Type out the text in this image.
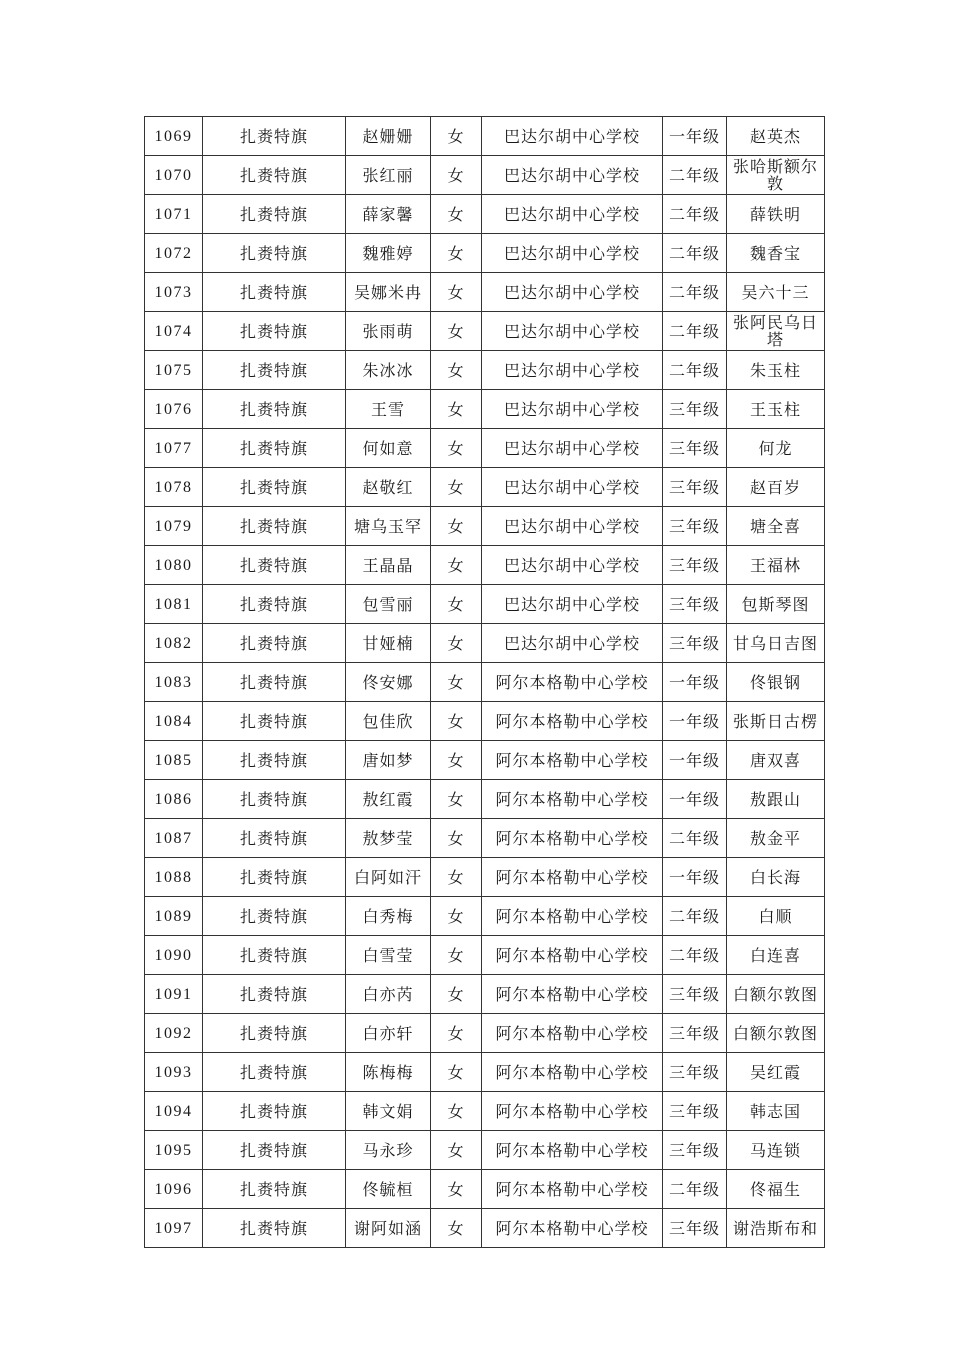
1069	扎赉特旗	赵姗姗	女	巴达尔胡中心学校	一年级	赵英杰
1070	扎赉特旗	张红丽	女	巴达尔胡中心学校	二年级	张哈斯额尔敦
1071	扎赉特旗	薛家馨	女	巴达尔胡中心学校	二年级	薛铁明
1072	扎赉特旗	魏雅婷	女	巴达尔胡中心学校	二年级	魏香宝
1073	扎赉特旗	吴娜米冉	女	巴达尔胡中心学校	二年级	吴六十三
1074	扎赉特旗	张雨萌	女	巴达尔胡中心学校	二年级	张阿民乌日塔
1075	扎赉特旗	朱冰冰	女	巴达尔胡中心学校	二年级	朱玉柱
1076	扎赉特旗	王雪	女	巴达尔胡中心学校	三年级	王玉柱
1077	扎赉特旗	何如意	女	巴达尔胡中心学校	三年级	何龙
1078	扎赉特旗	赵敬红	女	巴达尔胡中心学校	三年级	赵百岁
1079	扎赉特旗	塘乌玉罕	女	巴达尔胡中心学校	三年级	塘全喜
1080	扎赉特旗	王晶晶	女	巴达尔胡中心学校	三年级	王福林
1081	扎赉特旗	包雪丽	女	巴达尔胡中心学校	三年级	包斯琴图
1082	扎赉特旗	甘娅楠	女	巴达尔胡中心学校	三年级	甘乌日吉图
1083	扎赉特旗	佟安娜	女	阿尔本格勒中心学校	一年级	佟银钢
1084	扎赉特旗	包佳欣	女	阿尔本格勒中心学校	一年级	张斯日古楞
1085	扎赉特旗	唐如梦	女	阿尔本格勒中心学校	一年级	唐双喜
1086	扎赉特旗	敖红霞	女	阿尔本格勒中心学校	一年级	敖跟山
1087	扎赉特旗	敖梦莹	女	阿尔本格勒中心学校	二年级	敖金平
1088	扎赉特旗	白阿如汗	女	阿尔本格勒中心学校	一年级	白长海
1089	扎赉特旗	白秀梅	女	阿尔本格勒中心学校	二年级	白顺
1090	扎赉特旗	白雪莹	女	阿尔本格勒中心学校	二年级	白连喜
1091	扎赉特旗	白亦芮	女	阿尔本格勒中心学校	三年级	白额尔敦图
1092	扎赉特旗	白亦轩	女	阿尔本格勒中心学校	三年级	白额尔敦图
1093	扎赉特旗	陈梅梅	女	阿尔本格勒中心学校	三年级	吴红霞
1094	扎赉特旗	韩文娟	女	阿尔本格勒中心学校	三年级	韩志国
1095	扎赉特旗	马永珍	女	阿尔本格勒中心学校	三年级	马连锁
1096	扎赉特旗	佟毓桓	女	阿尔本格勒中心学校	二年级	佟福生
1097	扎赉特旗	谢阿如涵	女	阿尔本格勒中心学校	三年级	谢浩斯布和
